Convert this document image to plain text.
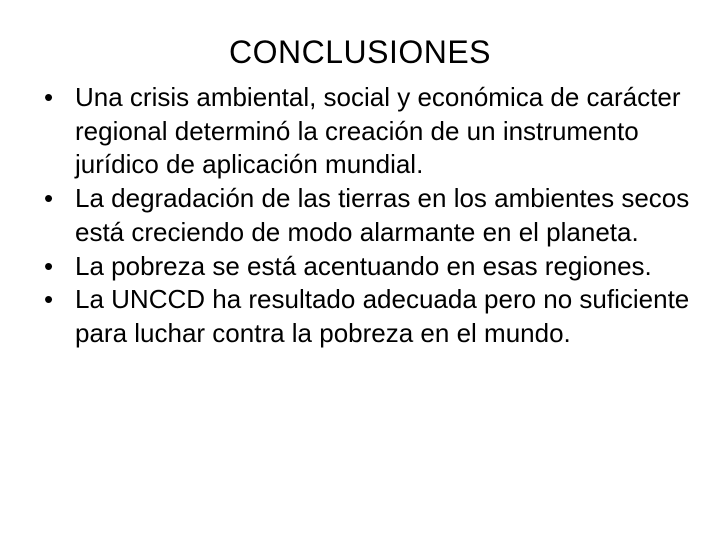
CONCLUSIONES
• Una crisis ambiental, social y económica de carácter regional determinó la creación de un instrumento jurídico de aplicación mundial.
• La degradación de las tierras en los ambientes secos está creciendo de modo alarmante en el planeta.
• La pobreza se está acentuando en esas regiones.
• La UNCCD ha resultado adecuada pero no suficiente para luchar contra la pobreza en el mundo.
